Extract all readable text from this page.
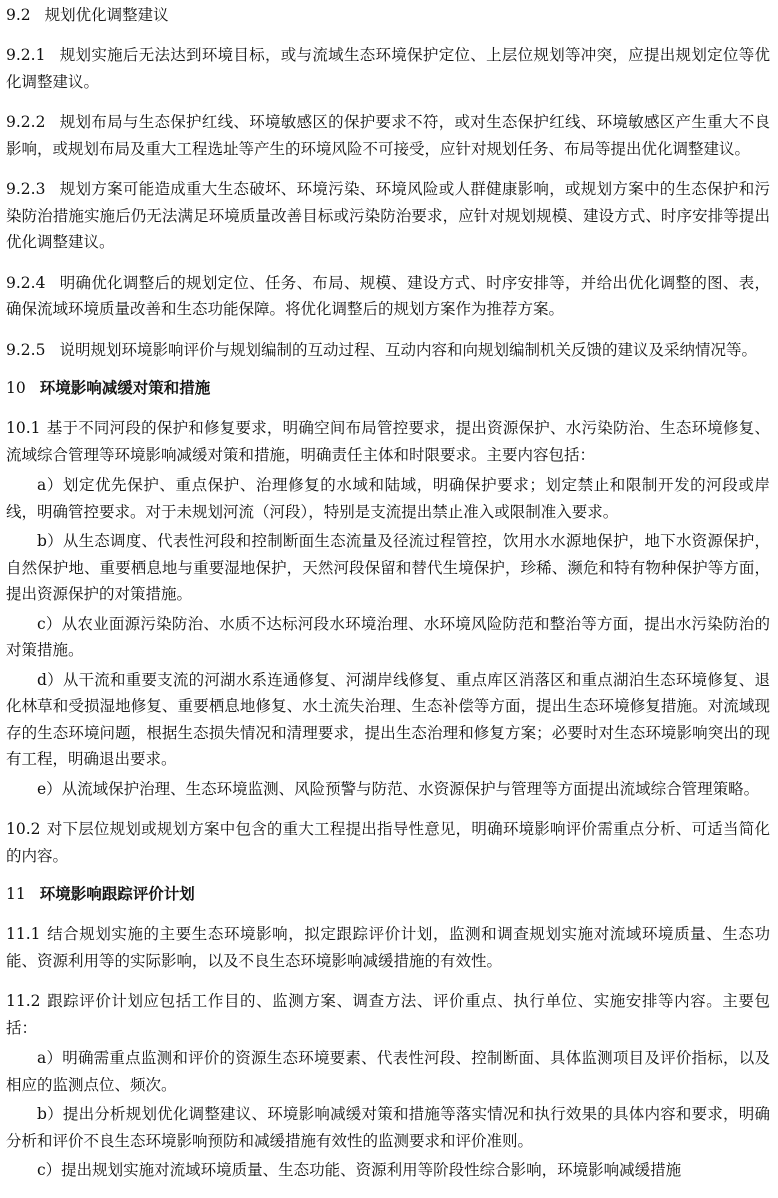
9.2 规划优化调整建议
9.2.1 规划实施后无法达到环境目标，或与流域生态环境保护定位、上层位规划等冲突，应提出规划定位等优化调整建议。
9.2.2 规划布局与生态保护红线、环境敏感区的保护要求不符，或对生态保护红线、环境敏感区产生重大不良影响，或规划布局及重大工程选址等产生的环境风险不可接受，应针对规划任务、布局等提出优化调整建议。
9.2.3 规划方案可能造成重大生态破坏、环境污染、环境风险或人群健康影响，或规划方案中的生态保护和污染防治措施实施后仍无法满足环境质量改善目标或污染防治要求，应针对规划规模、建设方式、时序安排等提出优化调整建议。
9.2.4 明确优化调整后的规划定位、任务、布局、规模、建设方式、时序安排等，并给出优化调整的图、表，确保流域环境质量改善和生态功能保障。将优化调整后的规划方案作为推荐方案。
9.2.5 说明规划环境影响评价与规划编制的互动过程、互动内容和向规划编制机关反馈的建议及采纳情况等。
10 环境影响减缓对策和措施
10.1 基于不同河段的保护和修复要求，明确空间布局管控要求，提出资源保护、水污染防治、生态环境修复、流域综合管理等环境影响减缓对策和措施，明确责任主体和时限要求。主要内容包括：
a）划定优先保护、重点保护、治理修复的水域和陆域，明确保护要求；划定禁止和限制开发的河段或岸线，明确管控要求。对于未规划河流（河段），特别是支流提出禁止准入或限制准入要求。
b）从生态调度、代表性河段和控制断面生态流量及径流过程管控，饮用水水源地保护，地下水资源保护，自然保护地、重要栖息地与重要湿地保护，天然河段保留和替代生境保护，珍稀、濒危和特有物种保护等方面，提出资源保护的对策措施。
c）从农业面源污染防治、水质不达标河段水环境治理、水环境风险防范和整治等方面，提出水污染防治的对策措施。
d）从干流和重要支流的河湖水系连通修复、河湖岸线修复、重点库区消落区和重点湖泊生态环境修复、退化林草和受损湿地修复、重要栖息地修复、水土流失治理、生态补偿等方面，提出生态环境修复措施。对流域现存的生态环境问题，根据生态损失情况和清理要求，提出生态治理和修复方案；必要时对生态环境影响突出的现有工程，明确退出要求。
e）从流域保护治理、生态环境监测、风险预警与防范、水资源保护与管理等方面提出流域综合管理策略。
10.2 对下层位规划或规划方案中包含的重大工程提出指导性意见，明确环境影响评价需重点分析、可适当简化的内容。
11 环境影响跟踪评价计划
11.1 结合规划实施的主要生态环境影响，拟定跟踪评价计划，监测和调查规划实施对流域环境质量、生态功能、资源利用等的实际影响，以及不良生态环境影响减缓措施的有效性。
11.2 跟踪评价计划应包括工作目的、监测方案、调查方法、评价重点、执行单位、实施安排等内容。主要包括：
a）明确需重点监测和评价的资源生态环境要素、代表性河段、控制断面、具体监测项目及评价指标，以及相应的监测点位、频次。
b）提出分析规划优化调整建议、环境影响减缓对策和措施等落实情况和执行效果的具体内容和要求，明确分析和评价不良生态环境影响预防和减缓措施有效性的监测要求和评价准则。
c）提出规划实施对流域环境质量、生态功能、资源利用等阶段性综合影响，环境影响减缓措施
